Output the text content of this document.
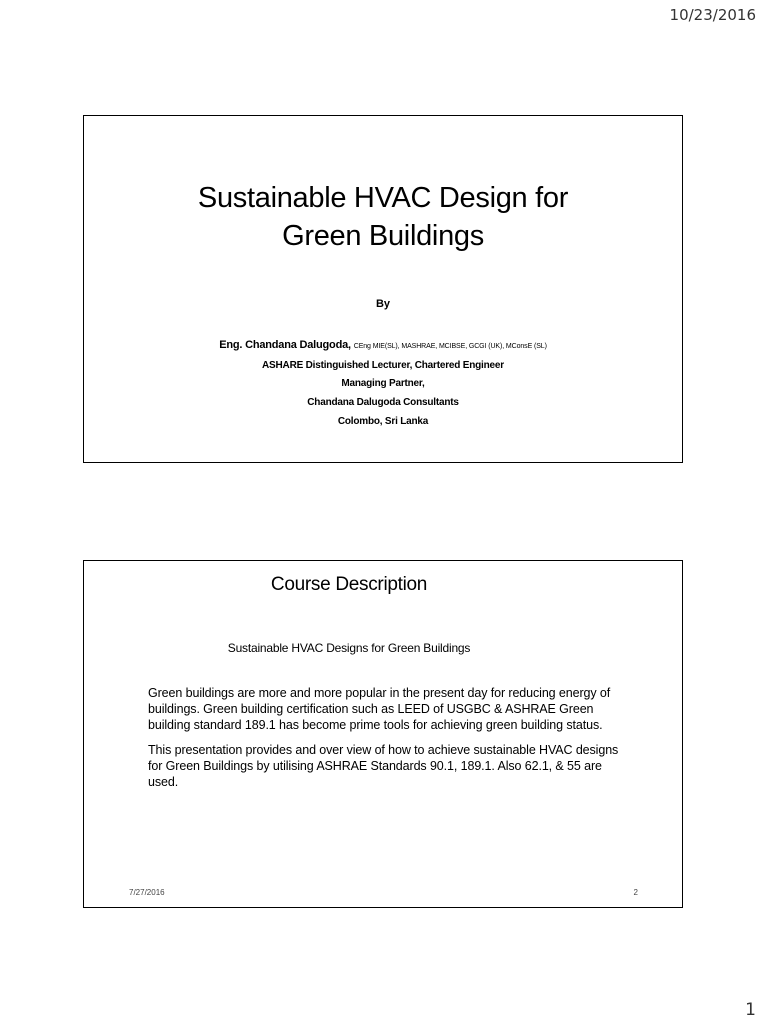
10/23/2016
Sustainable HVAC Design for
Green Buildings
By
Eng. Chandana Dalugoda, CEng MIE(SL), MASHRAE, MCIBSE, GCGI (UK), MConsE (SL)
ASHARE Distinguished Lecturer, Chartered Engineer
Managing Partner,
Chandana Dalugoda Consultants
Colombo, Sri Lanka
Course Description
Sustainable HVAC Designs for Green Buildings

Green buildings are more and more popular in the present day for reducing energy of buildings. Green building certification such as LEED of USGBC & ASHRAE Green building standard 189.1 has become prime tools for achieving green building status.

This presentation provides and over view of how to achieve sustainable HVAC designs for Green Buildings by utilising ASHRAE Standards 90.1, 189.1. Also 62.1, & 55 are used.

7/27/2016	2
1
